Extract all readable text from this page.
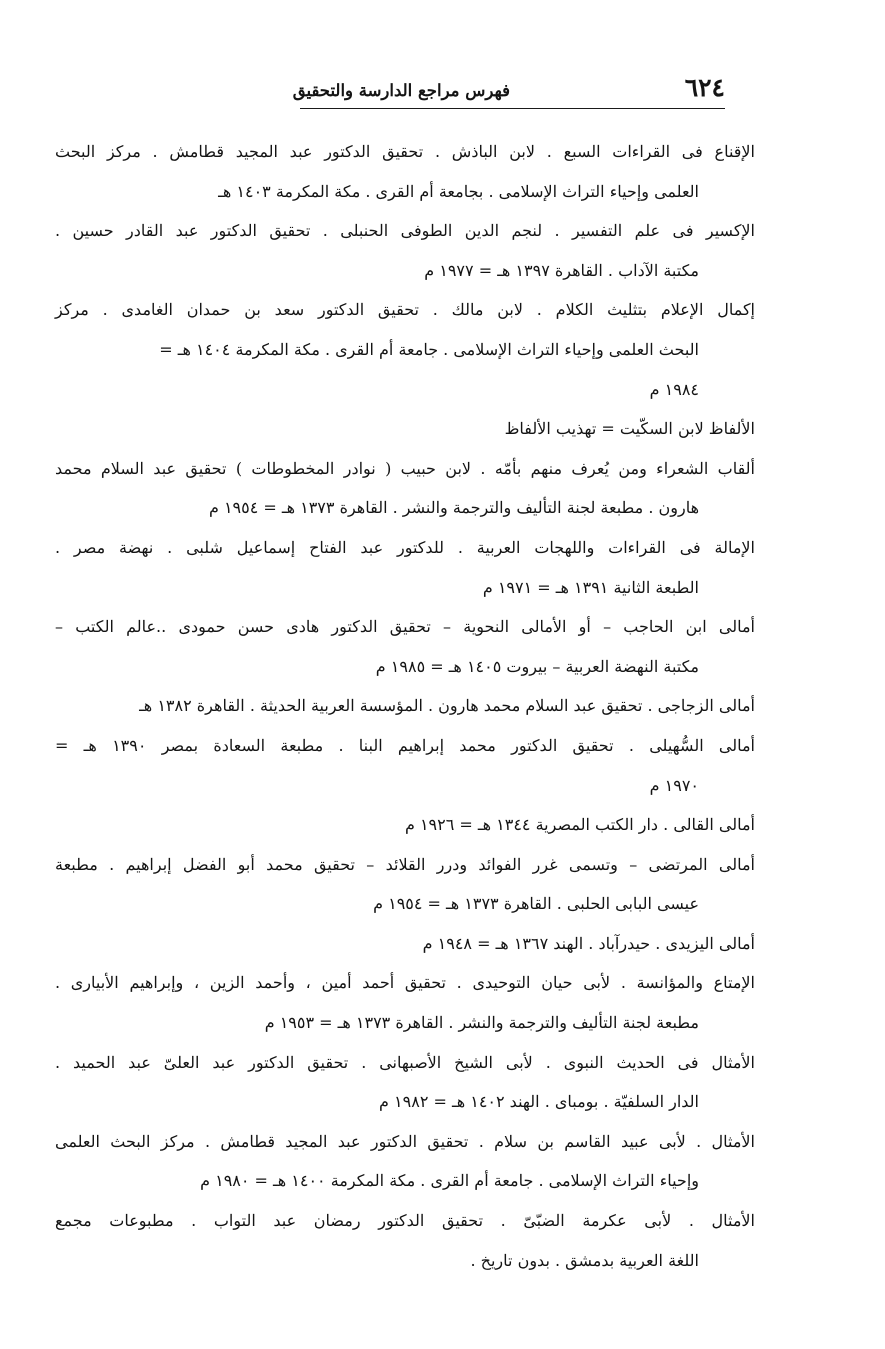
٦٢٤
فهرس مراجع الدارسة والتحقيق
الإقناع فى القراءات السبع . لابن الباذش . تحقيق الدكتور عبد المجيد قطامش . مركز البحث
العلمى وإحياء التراث الإسلامى . بجامعة أم القرى . مكة المكرمة ١٤٠٣ هـ
الإكسير فى علم التفسير . لنجم الدين الطوفى الحنبلى . تحقيق الدكتور عبد القادر حسين .
مكتبة الآداب . القاهرة ١٣٩٧ هـ = ١٩٧٧ م
إكمال الإعلام بتثليث الكلام . لابن مالك . تحقيق الدكتور سعد بن حمدان الغامدى . مركز
البحث العلمى وإحياء التراث الإسلامى . جامعة أم القرى . مكة المكرمة ١٤٠٤ هـ =
١٩٨٤ م
الألفاظ لابن السكّيت = تهذيب الألفاظ
ألقاب الشعراء ومن يُعرف منهم بأمّه . لابن حبيب ( نوادر المخطوطات ) تحقيق عبد السلام محمد
هارون . مطبعة لجنة التأليف والترجمة والنشر . القاهرة ١٣٧٣ هـ = ١٩٥٤ م
الإمالة فى القراءات واللهجات العربية . للدكتور عبد الفتاح إسماعيل شلبى . نهضة مصر .
الطبعة الثانية ١٣٩١ هـ = ١٩٧١ م
أمالى ابن الحاجب – أو الأمالى النحوية – تحقيق الدكتور هادى حسن حمودى ..عالم الكتب –
مكتبة النهضة العربية – بيروت ١٤٠٥ هـ = ١٩٨٥ م
أمالى الزجاجى . تحقيق عبد السلام محمد هارون . المؤسسة العربية الحديثة . القاهرة ١٣٨٢ هـ
أمالى السُّهيلى . تحقيق الدكتور محمد إبراهيم البنا . مطبعة السعادة بمصر ١٣٩٠ هـ =
١٩٧٠ م
أمالى القالى . دار الكتب المصرية ١٣٤٤ هـ = ١٩٢٦ م
أمالى المرتضى – وتسمى غرر الفوائد ودرر القلائد – تحقيق محمد أبو الفضل إبراهيم . مطبعة
عيسى البابى الحلبى . القاهرة ١٣٧٣ هـ = ١٩٥٤ م
أمالى اليزيدى . حيدرآباد . الهند ١٣٦٧ هـ = ١٩٤٨ م
الإمتاع والمؤانسة . لأبى حيان التوحيدى . تحقيق أحمد أمين ، وأحمد الزين ، وإبراهيم الأبيارى .
مطبعة لجنة التأليف والترجمة والنشر . القاهرة ١٣٧٣ هـ = ١٩٥٣ م
الأمثال فى الحديث النبوى . لأبى الشيخ الأصبهانى . تحقيق الدكتور عبد العلىّ عبد الحميد .
الدار السلفيّة . بومباى . الهند ١٤٠٢ هـ = ١٩٨٢ م
الأمثال . لأبى عبيد القاسم بن سلام . تحقيق الدكتور عبد المجيد قطامش . مركز البحث العلمى
وإحياء التراث الإسلامى . جامعة أم القرى . مكة المكرمة ١٤٠٠ هـ = ١٩٨٠ م
الأمثال . لأبى عكرمة الضبّىّ . تحقيق الدكتور رمضان عبد التواب . مطبوعات مجمع
اللغة العربية بدمشق . بدون تاريخ .
